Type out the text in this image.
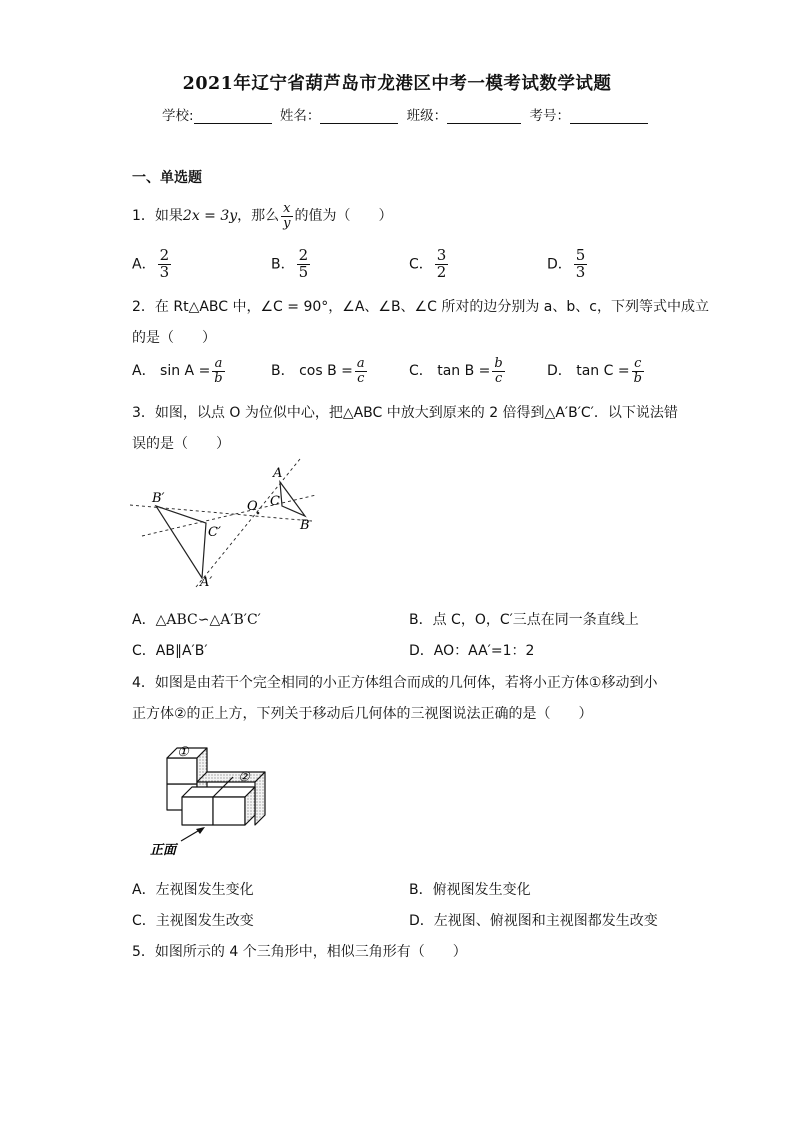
2021年辽宁省葫芦岛市龙港区中考一模考试数学试题
学校:	姓名：	班级：	考号：
一、单选题
1．如果2x = 3y，那么 $\frac{x}{y}$ 的值为（　　）
A． $\frac{2}{3}$	B． $\frac{2}{5}$	C． $\frac{3}{2}$	D． $\frac{5}{3}$
2．在 Rt△ABC 中，∠C = 90°，∠A、∠B、∠C 所对的边分别为 a、b、c，下列等式中成立
的是（　　）
A． $\sin A = \frac{a}{b}$	B． $\cos B = \frac{a}{c}$	C． $\tan B = \frac{b}{c}$	D． $\tan C = \frac{c}{b}$
3．如图，以点 O 为位似中心，把△ABC 中放大到原来的 2 倍得到△A′B′C′．以下说法错
误的是（　　）
A
C
B
O
B′
C′
A′
A．△ABC∽△A′B′C′	B．点 C，O，C′三点在同一条直线上
C．AB∥A′B′	D．AO：AA′=1：2
4．如图是由若干个完全相同的小正方体组合而成的几何体，若将小正方体①移动到小
正方体②的正上方，下列关于移动后几何体的三视图说法正确的是（　　）
①
②
正面
A．左视图发生变化	B．俯视图发生变化
C．主视图发生改变	D．左视图、俯视图和主视图都发生改变
5．如图所示的 4 个三角形中，相似三角形有（　　）
